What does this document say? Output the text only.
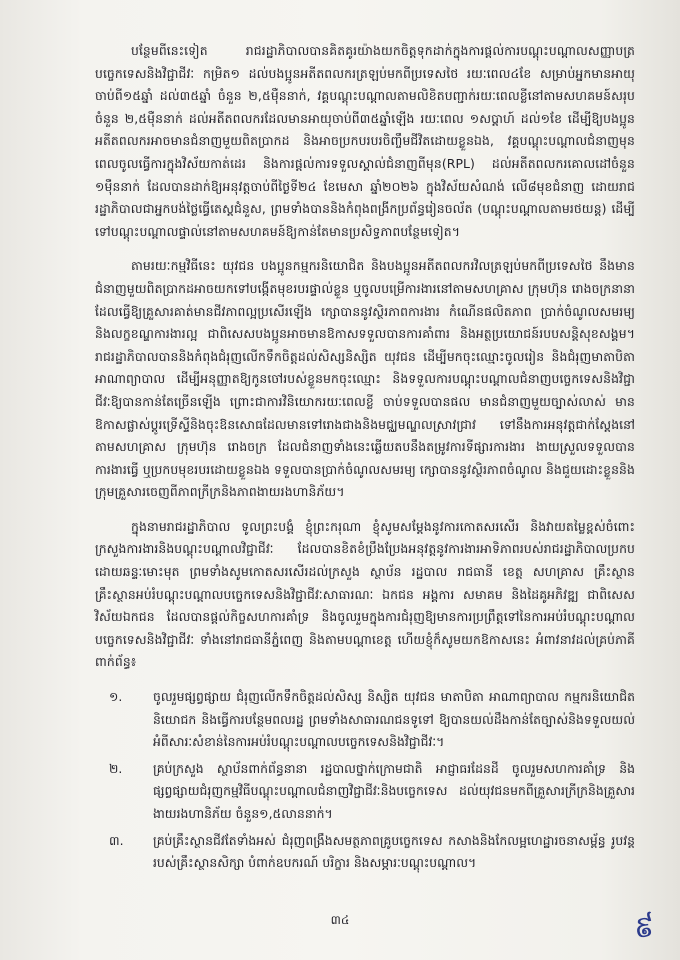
បន្ថែមពីនេះទៀត រាជរដ្ឋាភិបាលបានគិតគូរយ៉ាងយកចិត្តទុកដាក់ក្នុងការផ្ដល់ការបណ្ដុះបណ្ដាលសញ្ញាបត្របច្ចេកទេសនិងវិជ្ជាជីវៈ កម្រិត១ ដល់បងប្អូនអតីតពលករត្រឡប់មកពីប្រទេសថៃ រយៈពេល៤ខែ សម្រាប់អ្នកមានអាយុចាប់ពី១៥ឆ្នាំ ដល់៣៥ឆ្នាំ ចំនួន ២,៥ម៉ឺននាក់, វគ្គបណ្ដុះបណ្ដាលតាមលិខិតបញ្ជាក់រយៈពេលខ្លីនៅតាមសហគមន៍សរុបចំនួន ២,៥ម៉ឺននាក់ ដល់អតីតពលករដែលមានអាយុចាប់ពី៣៥ឆ្នាំឡើង រយៈពេល ១សប្ដាហ៍ ដល់១ខែ ដើម្បីឱ្យបងប្អូនអតីតពលករអាចមានជំនាញមួយពិតប្រាកដ និងអាចប្រកបរបរចិញ្ចឹមជីវិតដោយខ្លួនឯង, វគ្គបណ្ដុះបណ្ដាលជំនាញមុនពេលចូលធ្វើការក្នុងវិស័យកាត់ដេរ និងការផ្ដល់ការទទួលស្គាល់ជំនាញពីមុន(RPL) ដល់អតីតពលករគោលដៅចំនួន ១ម៉ឺននាក់ ដែលបានដាក់ឱ្យអនុវត្តចាប់ពីថ្ងៃទី២៤ ខែមេសា ឆ្នាំ២០២៦ ក្នុងវិស័យសំណង់ លើ៨មុខជំនាញ ដោយរាជរដ្ឋាភិបាលជាអ្នកបង់ថ្លៃធ្វើតេស្ដជំនួស, ព្រមទាំងបាននិងកំពុងពង្រីកប្រព័ន្ធរៀនចល័ត (បណ្ដុះបណ្ដាលតាមរថយន្ត) ដើម្បីទៅបណ្ដុះបណ្ដាលផ្ទាល់នៅតាមសហគមន៍ឱ្យកាន់តែមានប្រសិទ្ធភាពបន្ថែមទៀត។

តាមរយៈកម្មវិធីនេះ យុវជន បងប្អូនកម្មករនិយោជិត និងបងប្អូនអតីតពលករវិលត្រឡប់មកពីប្រទេសថៃ នឹងមានជំនាញមួយពិតប្រាកដអាចយកទៅបង្កើតមុខរបរផ្ទាល់ខ្លួន ឬចូលបម្រើការងារនៅតាមសហគ្រាស ក្រុមហ៊ុន រោងចក្រនានា ដែលធ្វើឱ្យគ្រួសារគាត់មានជីវភាពល្អប្រសើរឡើង ក្សោបាននូវស្ថិរភាពការងារ កំណើនផលិតភាព ប្រាក់ចំណូលសមរម្យ និងលក្ខខណ្ឌការងារល្អ ជាពិសេសបងប្អូនអាចមានឱកាសទទួលបានការគាំពារ និងអត្ថប្រយោជន៍របបសន្តិសុខសង្គម។ រាជរដ្ឋាភិបាលបាននិងកំពុងជំរុញលើកទឹកចិត្តដល់សិស្សនិស្សិត យុវជន ដើម្បីមកចុះឈ្មោះចូលរៀន និងជំរុញមាតាបិតា អាណាព្យាបាល ដើម្បីអនុញ្ញាតឱ្យកូនចៅរបស់ខ្លួនមកចុះឈ្មោះ និងទទួលការបណ្ដុះបណ្ដាលជំនាញបច្ចេកទេសនិងវិជ្ជាជីវៈឱ្យបានកាន់តែច្រើនឡើង ព្រោះជាការវិនិយោករយៈពេលខ្លី ចាប់ទទួលបានផល មានជំនាញមួយច្បាស់លាស់ មានឱកាសផ្លាស់ប្ដូរទ្រើស្ទីនិងចុះឱនសោធដែលមានទៅរោងជាងនិងមជ្ឈមណ្ឌលស្រាវជ្រាវ ទៅនឹងការអនុវត្តជាក់ស្ដែងនៅតាមសហគ្រាស ក្រុមហ៊ុន រោងចក្រ ដែលជំនាញទាំងនេះឆ្លើយតបនឹងតម្រូវការទីផ្សារការងារ ងាយស្រួលទទួលបានការងារធ្វើ ឬប្រកបមុខរបរដោយខ្លួនឯង ទទួលបានប្រាក់ចំណូលសមរម្យ ក្សោបាននូវស្ថិរភាពចំណូល និងជួយដោះខ្លួននិងក្រុមគ្រួសារចេញពីភាពក្រីក្រនិងភាពងាយរងហានិភ័យ។

ក្នុងនាមរាជរដ្ឋាភិបាល ទូលព្រះបង្គំ ខ្ញុំព្រះករុណា ខ្ញុំសូមសម្ដែងនូវការកោតសរសើរ និងវាយតម្លៃខ្ពស់ចំពោះក្រសួងការងារនិងបណ្ដុះបណ្ដាលវិជ្ជាជីវៈ ដែលបានខិតខំប្រឹងប្រែងអនុវត្តនូវការងារអាទិភាពរបស់រាជរដ្ឋាភិបាលប្រកបដោយឆន្ទៈមោះមុត ព្រមទាំងសូមកោតសរសើរដល់ក្រសួង ស្ថាប័ន រដ្ឋបាល រាជធានី ខេត្ត សហគ្រាស គ្រឹះស្ថាន គ្រឹះស្ថានអប់រំបណ្ដុះបណ្ដាលបច្ចេកទេសនិងវិជ្ជាជីវៈសាធារណៈ ឯកជន អង្គការ សមាគម និងដៃគូអភិវឌ្ឍ ជាពិសេសវិស័យឯកជន ដែលបានផ្ដល់កិច្ចសហការគាំទ្រ និងចូលរួមក្នុងការជំរុញឱ្យមានការប្រព្រឹត្ដទៅនៃការអប់រំបណ្ដុះបណ្ដាលបច្ចេកទេសនិងវិជ្ជាជីវៈ ទាំងនៅរាជធានីភ្នំពេញ និងតាមបណ្ដាខេត្ត ហើយខ្ញុំក៏សូមយកឱកាសនេះ អំពាវនាវដល់គ្រប់ភាគីពាក់ព័ន្ធ៖

១.	ចូលរួមផ្សព្វផ្សាយ ជំរុញលើកទឹកចិត្តដល់សិស្ស និស្សិត យុវជន មាតាបិតា អាណាព្យាបាល កម្មករនិយោជិត និយោជក និងធ្វើការបន្ថែមពលរដ្ឋ ព្រមទាំងសាធារណជនទូទៅ ឱ្យបានយល់ដឹងកាន់តែច្បាស់និងទទួលយល់ អំពីសារៈសំខាន់នៃការអប់រំបណ្ដុះបណ្ដាលបច្ចេកទេសនិងវិជ្ជាជីវៈ។
២.	គ្រប់ក្រសួង ស្ថាប័នពាក់ព័ន្ធនានា រដ្ឋបាលថ្នាក់ក្រោមជាតិ អាជ្ញាធរដែនដី ចូលរួមសហការគាំទ្រ និងផ្សព្វផ្សាយជំរុញកម្មវិធីបណ្ដុះបណ្ដាលជំនាញវិជ្ជាជីវៈនិងបច្ចេកទេស ដល់យុវជនមកពីគ្រួសារក្រីក្រនិងគ្រួសារងាយរងហានិភ័យ ចំនួន១,៥លាននាក់។
៣.	គ្រប់គ្រឹះស្ថានជីវតែទាំងអស់ ជំរុញពង្រឹងសមត្ថភាពគ្រូបច្ចេកទេស កសាងនិងកែលម្អហេដ្ឋារចនាសម្ព័ន្ធ រូបវន្តរបស់គ្រឹះស្ថានសិក្សា បំពាក់ឧបករណ៍ បរិក្ខារ និងសម្ភារៈបណ្ដុះបណ្ដាល។
៣៤	៩
